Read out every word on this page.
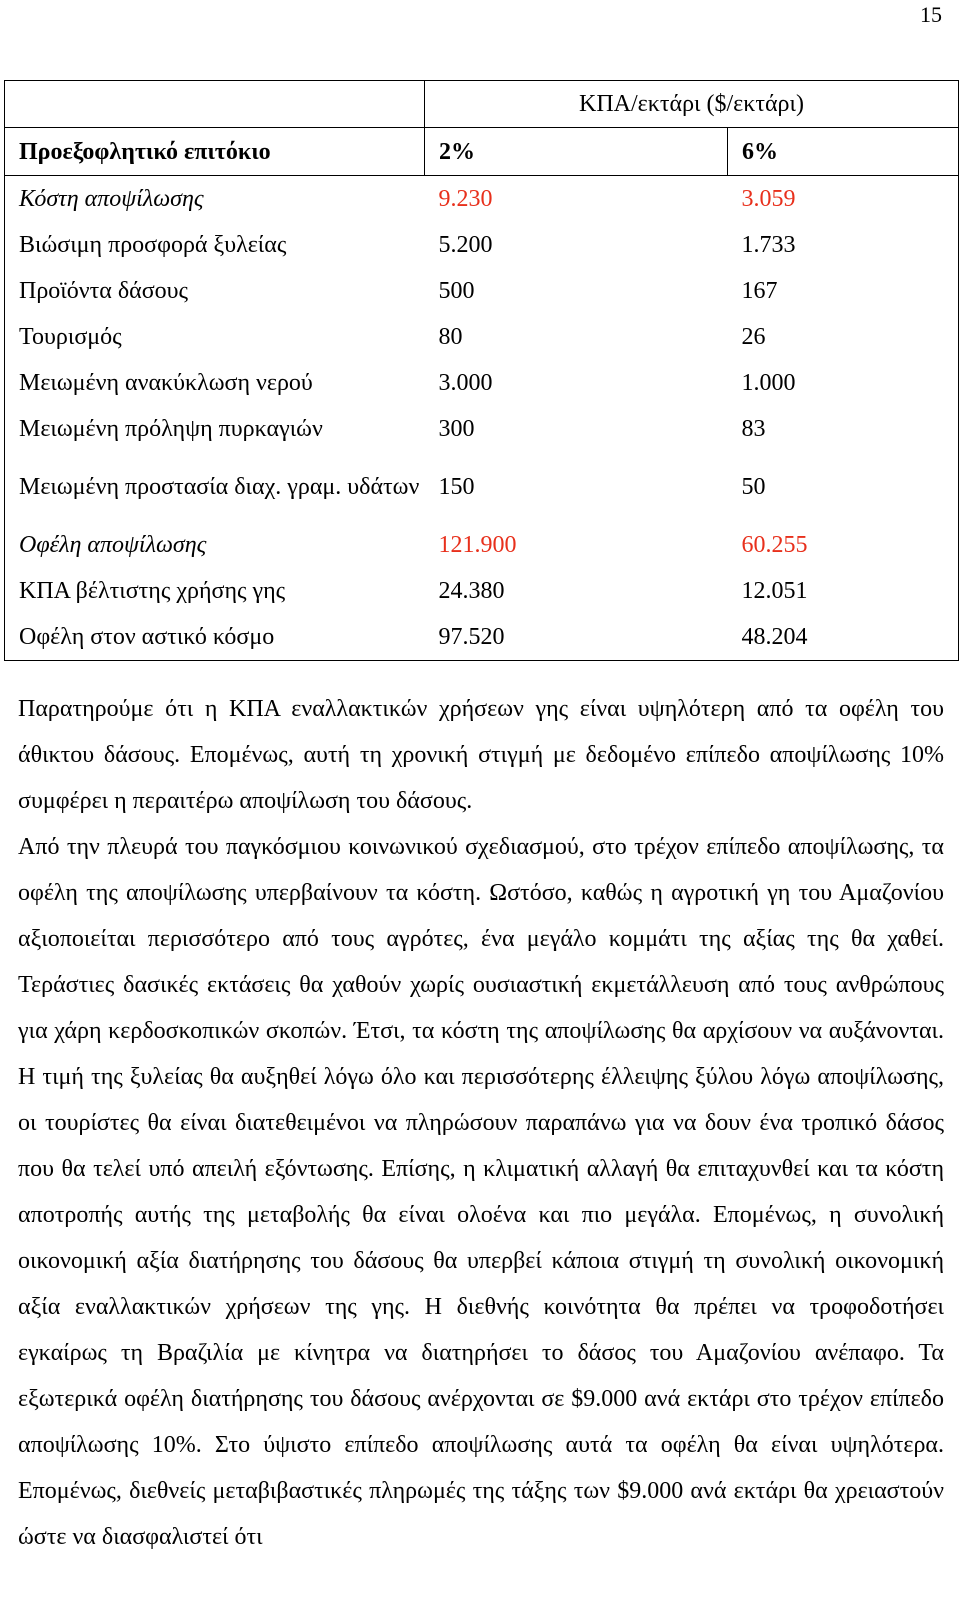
15
	ΚΠΑ/εκτάρι ($/εκτάρι)	
Προεξοφλητικό επιτόκιο	2%	6%
Κόστη αποψίλωσης	9.230	3.059
Βιώσιμη προσφορά ξυλείας	5.200	1.733
Προϊόντα δάσους	500	167
Τουρισμός	80	26
Μειωμένη ανακύκλωση νερού	3.000	1.000
Μειωμένη πρόληψη πυρκαγιών	300	83
Μειωμένη προστασία διαχ. γραμ. υδάτων	150	50
Οφέλη αποψίλωσης	121.900	60.255
ΚΠΑ βέλτιστης χρήσης γης	24.380	12.051
Οφέλη στον αστικό κόσμο	97.520	48.204

Παρατηρούμε ότι η ΚΠΑ εναλλακτικών χρήσεων γης είναι υψηλότερη από τα οφέλη του άθικτου δάσους. Επομένως, αυτή τη χρονική στιγμή με δεδομένο επίπεδο αποψίλωσης 10% συμφέρει η περαιτέρω αποψίλωση του δάσους.

Από την πλευρά του παγκόσμιου κοινωνικού σχεδιασμού, στο τρέχον επίπεδο αποψίλωσης, τα οφέλη της αποψίλωσης υπερβαίνουν τα κόστη. Ωστόσο, καθώς η αγροτική γη του Αμαζονίου αξιοποιείται περισσότερο από τους αγρότες, ένα μεγάλο κομμάτι της αξίας της θα χαθεί. Τεράστιες δασικές εκτάσεις θα χαθούν χωρίς ουσιαστική εκμετάλλευση από τους ανθρώπους για χάρη κερδοσκοπικών σκοπών. Έτσι, τα κόστη της αποψίλωσης θα αρχίσουν να αυξάνονται. Η τιμή της ξυλείας θα αυξηθεί λόγω όλο και περισσότερης έλλειψης ξύλου λόγω αποψίλωσης, οι τουρίστες θα είναι διατεθειμένοι να πληρώσουν παραπάνω για να δουν ένα τροπικό δάσος που θα τελεί υπό απειλή εξόντωσης. Επίσης, η κλιματική αλλαγή θα επιταχυνθεί και τα κόστη αποτροπής αυτής της μεταβολής θα είναι ολοένα και πιο μεγάλα. Επομένως, η συνολική οικονομική αξία διατήρησης του δάσους θα υπερβεί κάποια στιγμή τη συνολική οικονομική αξία εναλλακτικών χρήσεων της γης. Η διεθνής κοινότητα θα πρέπει να τροφοδοτήσει εγκαίρως τη Βραζιλία με κίνητρα να διατηρήσει το δάσος του Αμαζονίου ανέπαφο. Τα εξωτερικά οφέλη διατήρησης του δάσους ανέρχονται σε $9.000 ανά εκτάρι στο τρέχον επίπεδο αποψίλωσης 10%. Στο ύψιστο επίπεδο αποψίλωσης αυτά τα οφέλη θα είναι υψηλότερα. Επομένως, διεθνείς μεταβιβαστικές πληρωμές της τάξης των $9.000 ανά εκτάρι θα χρειαστούν ώστε να διασφαλιστεί ότι
